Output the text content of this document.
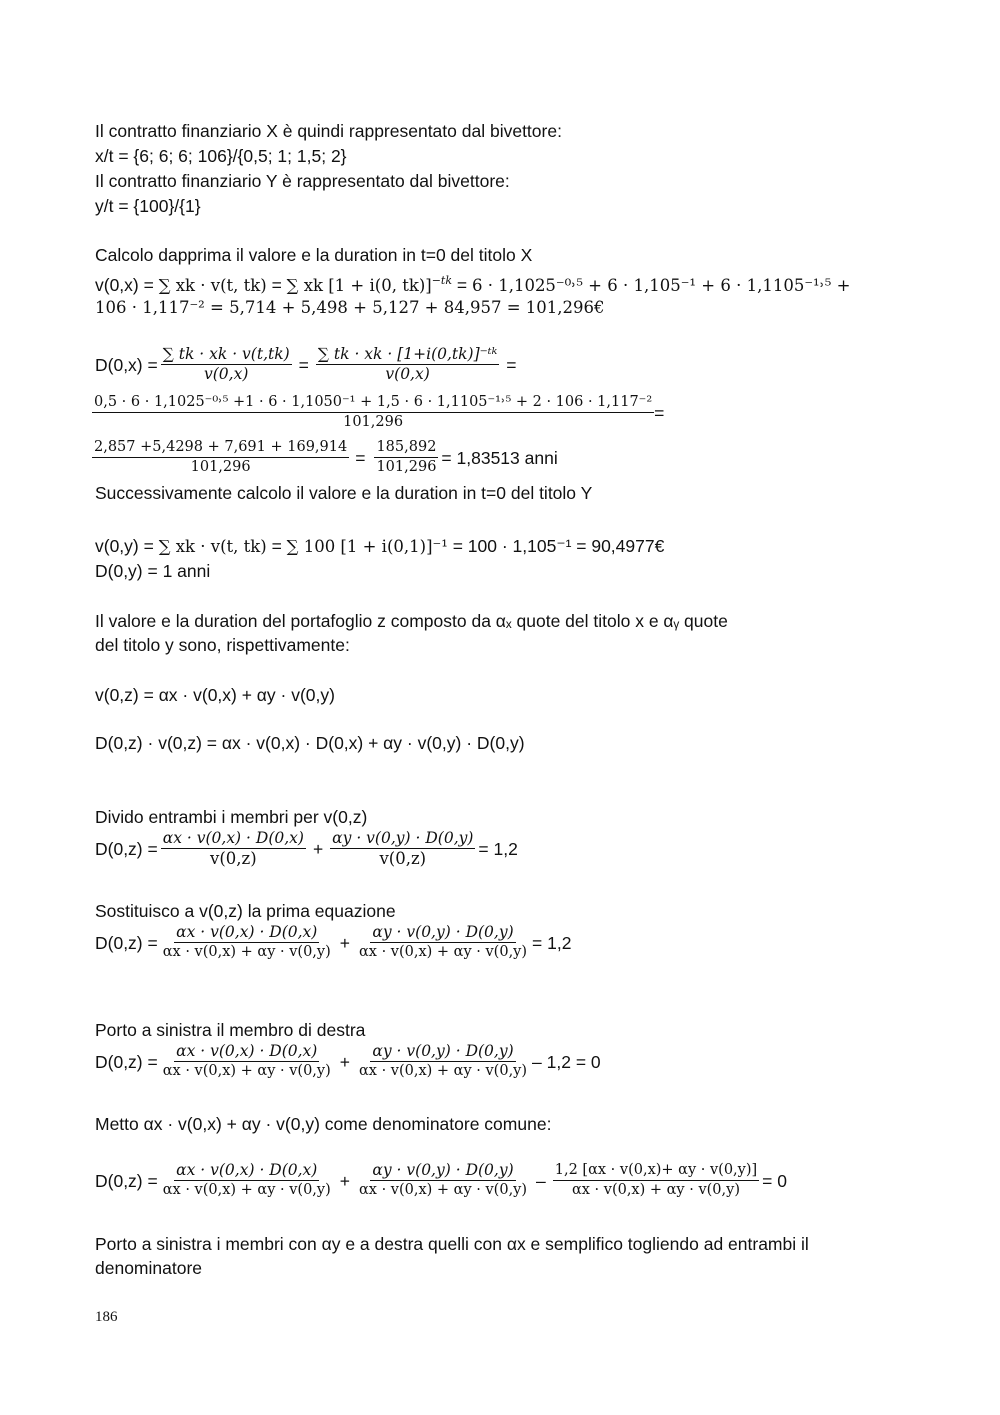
Il contratto finanziario X è quindi rappresentato dal bivettore:
x/t = {6; 6; 6; 106}/{0,5; 1; 1,5; 2}
Il contratto finanziario Y è rappresentato dal bivettore:
y/t = {100}/{1}
Calcolo dapprima il valore e la duration in t=0 del titolo X
v(0,x) = ∑ xk · v(t, tk) = ∑ xk [1 + i(0, tk)]$^{-tk}$ = 6 · 1,1025⁻⁰˒⁵ + 6 · 1,105⁻¹ + 6 · 1,1105⁻¹˒⁵ +
106 · 1,117⁻² = 5,714 + 5,498 + 5,127 + 84,957 = 101,296€
$D(0,x) = \frac{\sum tk \cdot xk \cdot v(t,tk)}{v(0,x)} = \frac{\text{∑ tk · xk · [1+i(0,tk)]⁻ᵗᵏ}}{v(0,x)}$ =
0,5 · 6 · 1,1025⁻⁰˒⁵ +1 · 6 · 1,1050⁻¹ + 1,5 · 6 · 1,1105⁻¹˒⁵ + 2 · 106 · 1,117⁻²
101,296	=
$\frac{2,857 +5,4298 + 7,691 + 169,914}{101,296} = \frac{185,892}{101,296} = 1,83513$ anni
Successivamente calcolo il valore e la duration in t=0 del titolo Y
v(0,y) = ∑ xk · v(t, tk) = ∑ 100 [1 + i(0,1)]⁻¹ = 100 · 1,105⁻¹ = 90,4977€
D(0,y) = 1 anni
Il valore e la duration del portafoglio z composto da αₓ quote del titolo x e αᵧ quote
del titolo y sono, rispettivamente:
v(0,z) = αx · v(0,x) + αy · v(0,y)
D(0,z) · v(0,z) = αx · v(0,x) · D(0,x) + αy · v(0,y) · D(0,y)
Divido entrambi i membri per v(0,z)
$D(0,z) = \frac{\alpha x \cdot v(0,x) \cdot D(0,x)}{v(0,z)} + \frac{\alpha y \cdot v(0,y) \cdot D(0,y)}{v(0,z)} = 1,2$
Sostituisco a v(0,z) la prima equazione
$D(0,z) = \frac{\alpha x \cdot v(0,x) \cdot D(0,x)}{\alpha x \cdot v(0,x) + \alpha y \cdot v(0,y)} + \frac{\alpha y \cdot v(0,y) \cdot D(0,y)}{\alpha x \cdot v(0,x) + \alpha y \cdot v(0,y)} = 1,2$
Porto a sinistra il membro di destra
$D(0,z) = \frac{\alpha x \cdot v(0,x) \cdot D(0,x)}{\alpha x \cdot v(0,x) + \alpha y \cdot v(0,y)} + \frac{\alpha y \cdot v(0,y) \cdot D(0,y)}{\alpha x \cdot v(0,x) + \alpha y \cdot v(0,y)} - 1,2 = 0$
Metto αx · v(0,x) + αy · v(0,y) come denominatore comune:
$D(0,z) = \frac{\alpha x \cdot v(0,x) \cdot D(0,x)}{\alpha x \cdot v(0,x) + \alpha y \cdot v(0,y)} + \frac{\alpha y \cdot v(0,y) \cdot D(0,y)}{\alpha x \cdot v(0,x) + \alpha y \cdot v(0,y)} - \frac{1,2 [\alpha x \cdot v(0,x)+ \alpha y \cdot v(0,y)]}{\alpha x \cdot v(0,x) + \alpha y \cdot v(0,y)} = 0$
Porto a sinistra i membri con αy e a destra quelli con αx e semplifico togliendo ad entrambi il
denominatore
186
